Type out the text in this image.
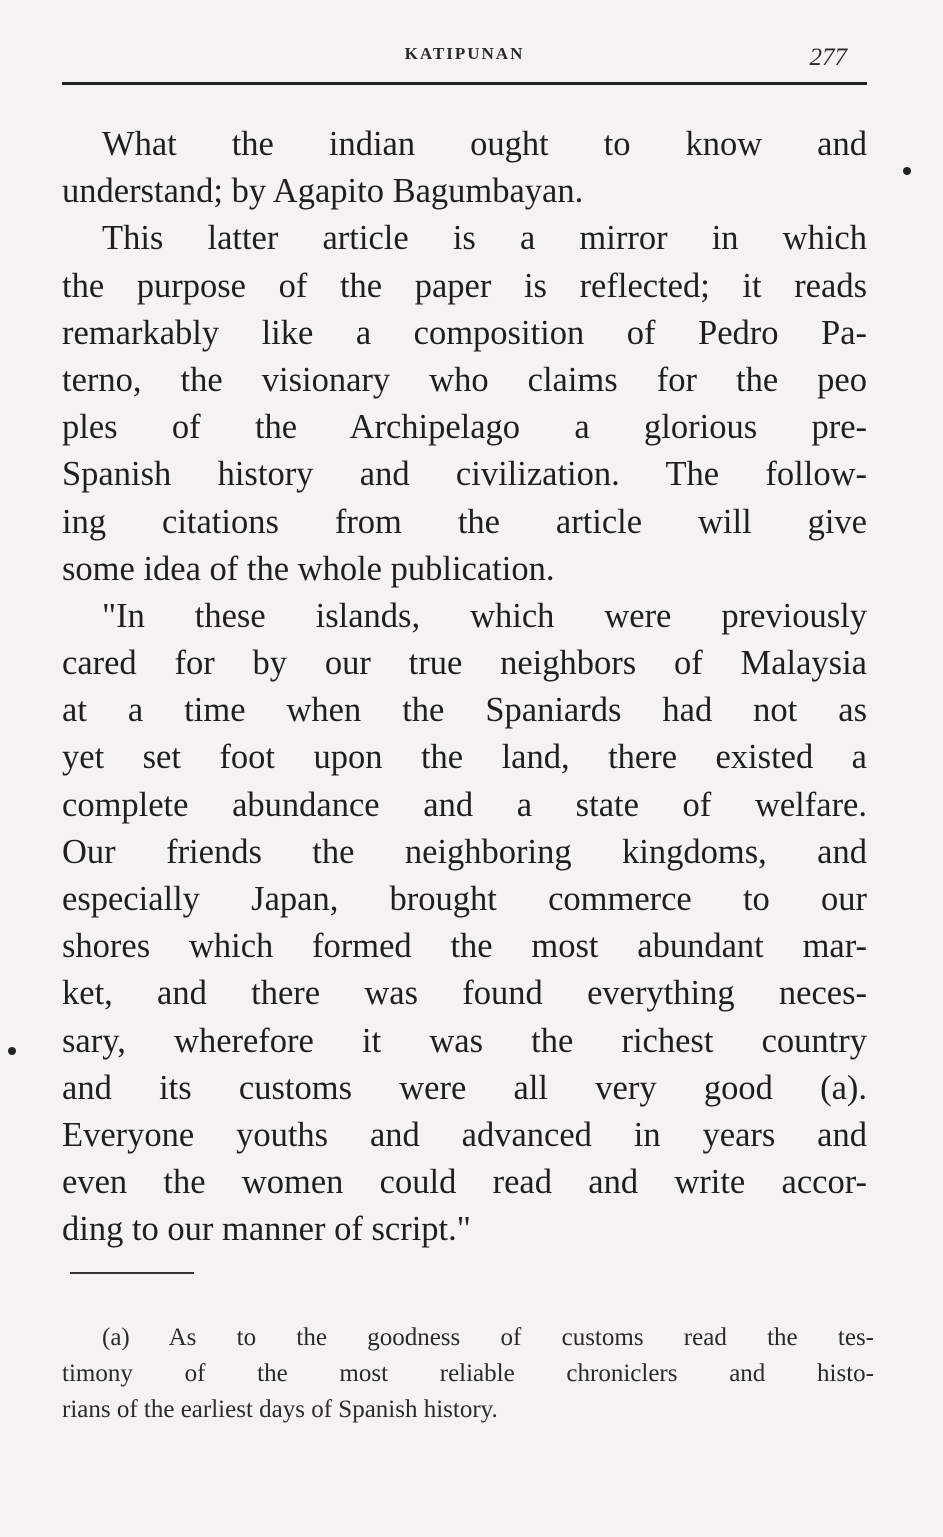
KATIPUNAN	277
What the indian ought to know and
understand; by Agapito Bagumbayan.
This latter article is a mirror in which
the purpose of the paper is reflected; it reads
remarkably like a composition of Pedro Pa-
terno, the visionary who claims for the peo
ples of the Archipelago a glorious pre-
Spanish history and civilization. The follow-
ing citations from the article will give
some idea of the whole publication.
"In these islands, which were previously
cared for by our true neighbors of Malaysia
at a time when the Spaniards had not as
yet set foot upon the land, there existed a
complete abundance and a state of welfare.
Our friends the neighboring kingdoms, and
especially Japan, brought commerce to our
shores which formed the most abundant mar-
ket, and there was found everything neces-
sary, wherefore it was the richest country
and its customs were all very good (a).
Everyone youths and advanced in years and
even the women could read and write accor-
ding to our manner of script."
(a) As to the goodness of customs read the tes-
timony of the most reliable chroniclers and histo-
rians of the earliest days of Spanish history.
